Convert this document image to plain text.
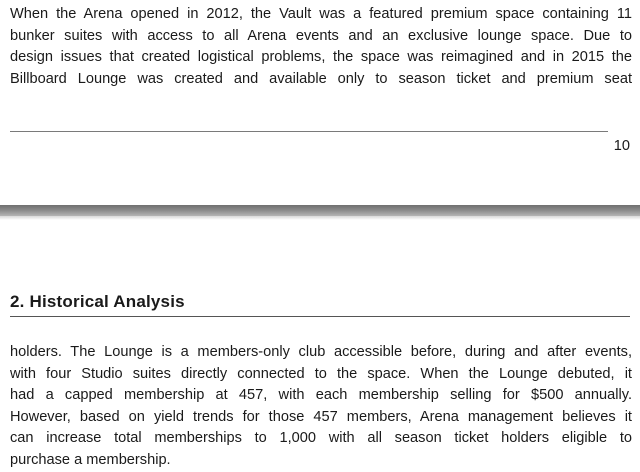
When the Arena opened in 2012, the Vault was a featured premium space containing 11
bunker suites with access to all Arena events and an exclusive lounge space. Due to
design issues that created logistical problems, the space was reimagined and in 2015 the
Billboard Lounge was created and available only to season ticket and premium seat
10
2. Historical Analysis
holders. The Lounge is a members-only club accessible before, during and after events,
with four Studio suites directly connected to the space. When the Lounge debuted, it
had a capped membership at 457, with each membership selling for $500 annually.
However, based on yield trends for those 457 members, Arena management believes it
can increase total memberships to 1,000 with all season ticket holders eligible to
purchase a membership.
